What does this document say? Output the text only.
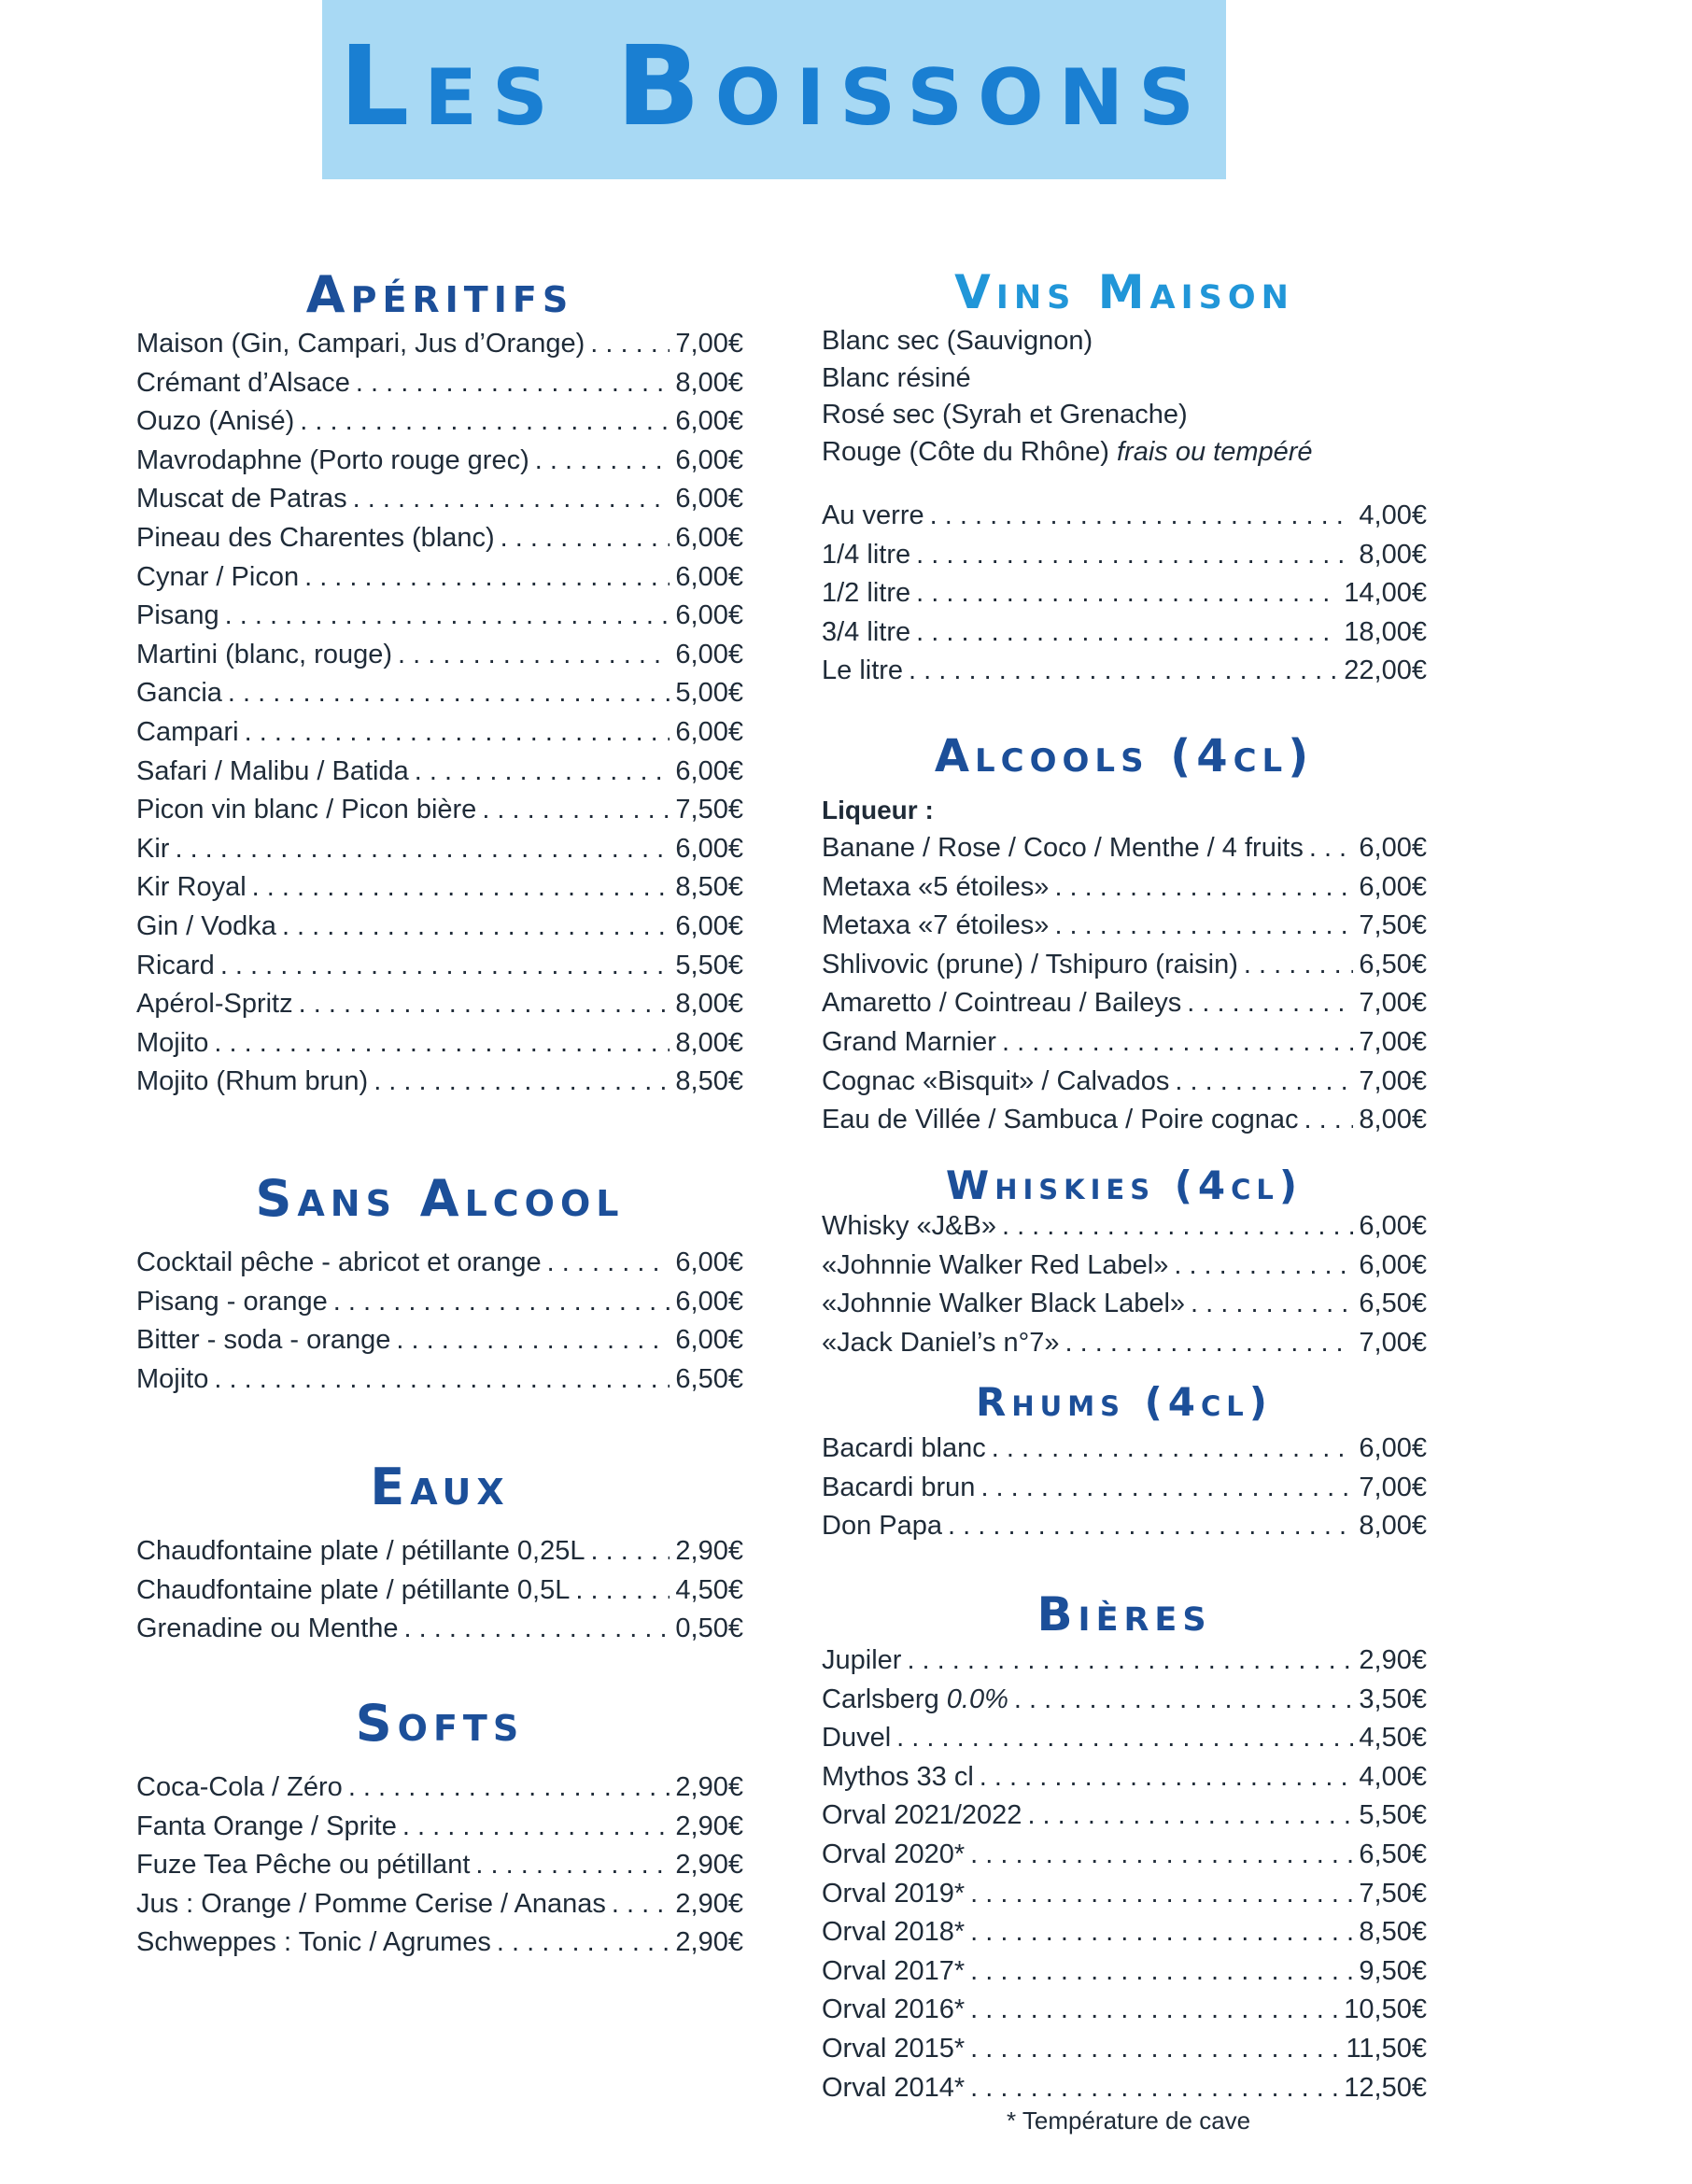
Les Boissons
Apéritifs
Maison (Gin, Campari, Jus d’Orange) . . .	7,00€
Crémant d’Alsace . . .	8,00€
Ouzo (Anisé) . . .	6,00€
Mavrodaphne (Porto rouge grec) . . .	6,00€
Muscat de Patras . . .	6,00€
Pineau des Charentes (blanc) . . .	6,00€
Cynar / Picon . . .	6,00€
Pisang . . .	6,00€
Martini (blanc, rouge) . . .	6,00€
Gancia . . .	5,00€
Campari . . .	6,00€
Safari / Malibu / Batida . . .	6,00€
Picon vin blanc / Picon bière . . .	7,50€
Kir . . .	6,00€
Kir Royal . . .	8,50€
Gin / Vodka . . .	6,00€
Ricard . . .	5,50€
Apérol-Spritz . . .	8,00€
Mojito . . .	8,00€
Mojito (Rhum brun) . . .	8,50€
Sans Alcool
Cocktail pêche - abricot et orange . . .	6,00€
Pisang - orange . . .	6,00€
Bitter - soda - orange . . .	6,00€
Mojito . . .	6,50€
Eaux
Chaudfontaine plate / pétillante 0,25L . . .	2,90€
Chaudfontaine plate / pétillante 0,5L . . .	4,50€
Grenadine ou Menthe . . .	0,50€
Softs
Coca-Cola / Zéro . . .	2,90€
Fanta Orange / Sprite . . .	2,90€
Fuze Tea Pêche ou pétillant . . .	2,90€
Jus : Orange / Pomme Cerise / Ananas . . .	2,90€
Schweppes : Tonic / Agrumes . . .	2,90€
Vins Maison
Blanc sec (Sauvignon)
Blanc résiné
Rosé sec (Syrah et Grenache)
Rouge (Côte du Rhône) frais ou tempéré
Au verre . . .	4,00€
1/4 litre . . .	8,00€
1/2 litre . . .	14,00€
3/4 litre . . .	18,00€
Le litre . . .	22,00€
Alcools (4cl)
Liqueur :
Banane / Rose / Coco / Menthe / 4 fruits . . . 6,00€
Metaxa «5 étoiles» . . .	6,00€
Metaxa «7 étoiles» . . .	7,50€
Shlivovic (prune) / Tshipuro (raisin) . . .	6,50€
Amaretto / Cointreau / Baileys . . .	7,00€
Grand Marnier . . .	7,00€
Cognac «Bisquit» / Calvados . . .	7,00€
Eau de Villée / Sambuca / Poire cognac . . . 8,00€
Whiskies (4cl)
Whisky «J&B» . . .	6,00€
«Johnnie Walker Red Label» . . .	6,00€
«Johnnie Walker Black Label» . . .	6,50€
«Jack Daniel’s n°7» . . .	7,00€
Rhums (4cl)
Bacardi blanc . . .	6,00€
Bacardi brun . . .	7,00€
Don Papa . . .	8,00€
Bières
Jupiler . . .	2,90€
Carlsberg 0.0% . . .	3,50€
Duvel . . .	4,50€
Mythos 33 cl . . .	4,00€
Orval 2021/2022 . . .	5,50€
Orval 2020* . . .	6,50€
Orval 2019* . . .	7,50€
Orval 2018* . . .	8,50€
Orval 2017* . . .	9,50€
Orval 2016* . . .	10,50€
Orval 2015* . . .	11,50€
Orval 2014* . . .	12,50€
* Température de cave
